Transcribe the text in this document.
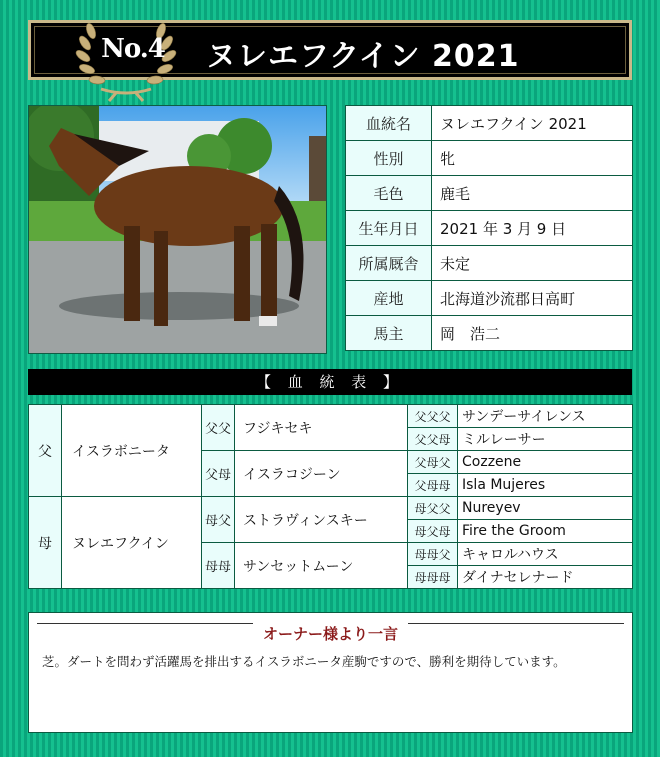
No.4	ヌレエフクイン 2021
血統名	ヌレエフクイン 2021
性別	牝
毛色	鹿毛
生年月日	2021 年 3 月 9 日
所属厩舎	未定
産地	北海道沙流郡日高町
馬主	岡　浩二
【 血 統 表 】
父	イスラボニータ	父父	フジキセキ	父父父	サンデーサイレンス
				父父母	ミルレーサー
		父母	イスラコジーン	父母父	Cozzene
				父母母	Isla Mujeres
母	ヌレエフクイン	母父	ストラヴィンスキー	母父父	Nureyev
				母父母	Fire the Groom
		母母	サンセットムーン	母母父	キャロルハウス
				母母母	ダイナセレナード
オーナー様より一言
芝。ダートを問わず活躍馬を排出するイスラボニータ産駒ですので、勝利を期待しています。
